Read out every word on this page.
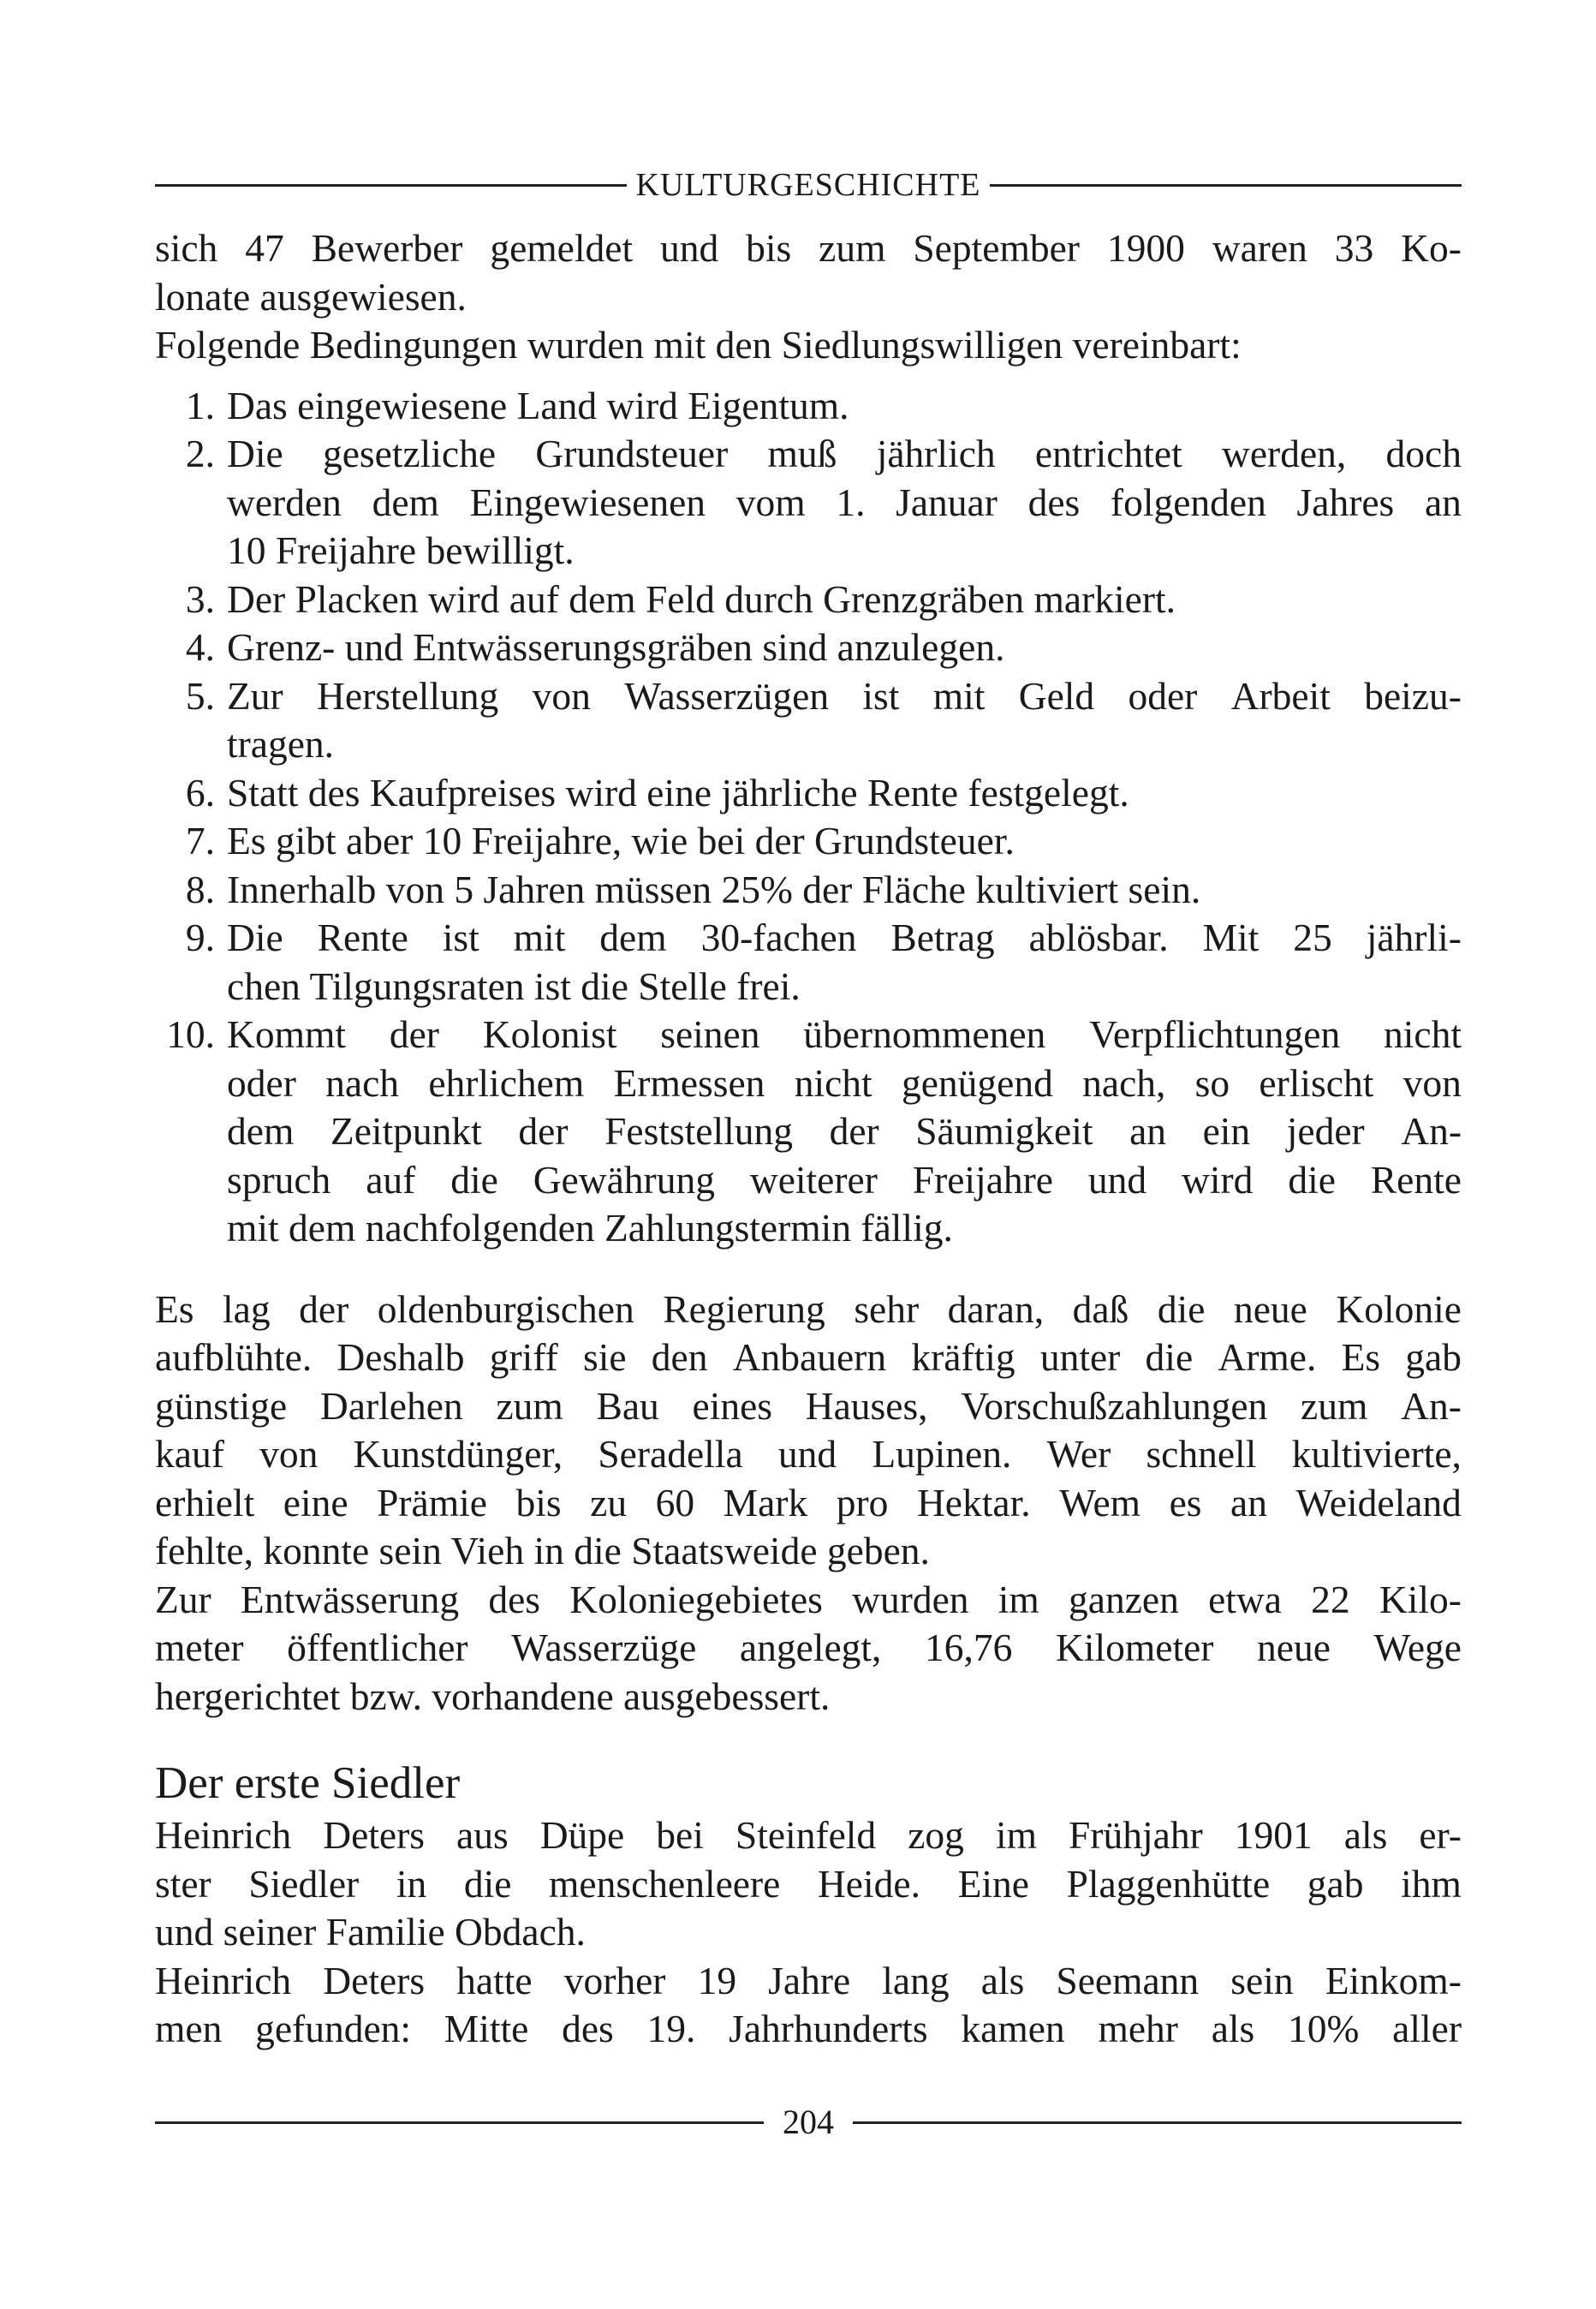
KULTURGESCHICHTE
sich 47 Bewerber gemeldet und bis zum September 1900 waren 33 Ko-
lonate ausgewiesen.
Folgende Bedingungen wurden mit den Siedlungswilligen vereinbart:
1. Das eingewiesene Land wird Eigentum.
2. Die gesetzliche Grundsteuer muß jährlich entrichtet werden, doch
werden dem Eingewiesenen vom 1. Januar des folgenden Jahres an
10 Freijahre bewilligt.
3. Der Placken wird auf dem Feld durch Grenzgräben markiert.
4. Grenz- und Entwässerungsgräben sind anzulegen.
5. Zur Herstellung von Wasserzügen ist mit Geld oder Arbeit beizu-
tragen.
6. Statt des Kaufpreises wird eine jährliche Rente festgelegt.
7. Es gibt aber 10 Freijahre, wie bei der Grundsteuer.
8. Innerhalb von 5 Jahren müssen 25% der Fläche kultiviert sein.
9. Die Rente ist mit dem 30-fachen Betrag ablösbar. Mit 25 jährli-
chen Tilgungsraten ist die Stelle frei.
10. Kommt der Kolonist seinen übernommenen Verpflichtungen nicht
oder nach ehrlichem Ermessen nicht genügend nach, so erlischt von
dem Zeitpunkt der Feststellung der Säumigkeit an ein jeder An-
spruch auf die Gewährung weiterer Freijahre und wird die Rente
mit dem nachfolgenden Zahlungstermin fällig.
Es lag der oldenburgischen Regierung sehr daran, daß die neue Kolonie
aufblühte. Deshalb griff sie den Anbauern kräftig unter die Arme. Es gab
günstige Darlehen zum Bau eines Hauses, Vorschußzahlungen zum An-
kauf von Kunstdünger, Seradella und Lupinen. Wer schnell kultivierte,
erhielt eine Prämie bis zu 60 Mark pro Hektar. Wem es an Weideland
fehlte, konnte sein Vieh in die Staatsweide geben.
Zur Entwässerung des Koloniegebietes wurden im ganzen etwa 22 Kilo-
meter öffentlicher Wasserzüge angelegt, 16,76 Kilometer neue Wege
hergerichtet bzw. vorhandene ausgebessert.
Der erste Siedler
Heinrich Deters aus Düpe bei Steinfeld zog im Frühjahr 1901 als er-
ster Siedler in die menschenleere Heide. Eine Plaggenhütte gab ihm
und seiner Familie Obdach.
Heinrich Deters hatte vorher 19 Jahre lang als Seemann sein Einkom-
men gefunden: Mitte des 19. Jahrhunderts kamen mehr als 10% aller
204
